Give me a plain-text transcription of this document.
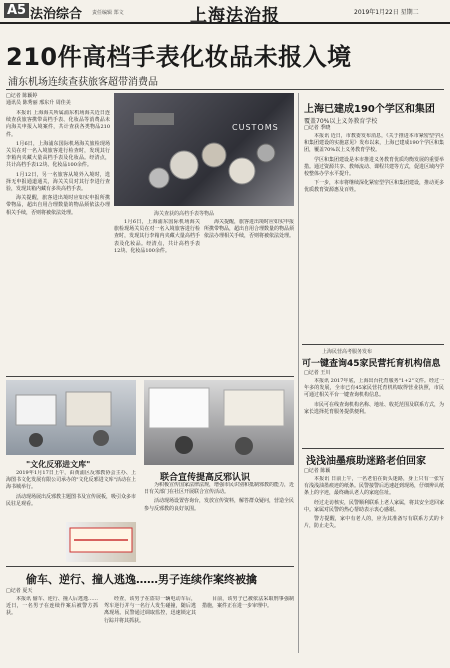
A5 法治综合 责任编辑 郑文	上海法治报	2019年1月22日 星期二
210件高档手表化妆品未报入境
浦东机场连续查获旅客超带消费品
□记者 陈颖婷
通讯员 陈秀丽 邢东升 周佳美

本报讯 上海海关所属浦东机场海关近日连续查获旅客携带高档手表、化妆品等消费品未向海关申报入境案件，共计查获各类物品210件。

1月6日，上海浦东国际机场海关旅检现场关员在对一名入境旅客进行检查时，发现其行李箱内夹藏大量高档手表及化妆品。经清点，共计高档手表12块、化妆品100余件。

1月12日，另一名旅客从境外入境时，选择无申报通道通关，海关关员对其行李进行查验，发现其箱内藏有多块高档手表。

海关提醒，旅客进出境时应如实申报所携带物品，超出自用合理数量的物品须依法办理相关手续，否则将被依法处理。

CUSTOMS
海关查获的高档手表等物品

1月6日，上海浦东国际机场海关旅检现场关员在对一名入境旅客进行检查时，发现其行李箱内夹藏大量高档手表及化妆品。经清点，共计高档手表12块、化妆品100余件。

海关提醒，旅客进出境时应如实申报所携带物品，超出自用合理数量的物品须依法办理相关手续，否则将被依法处理。

上海已建成190个学区和集团
覆盖70%以上义务教育学校
□记者 季晓

本报讯 近日，市教委发布消息，《关于推进本市紧密型学区和集团建设的实施意见》发布以来，上海已建成190个学区和集团，覆盖70%以上义务教育学校。

学区和集团建设是本市推进义务教育优质均衡发展的重要举措。通过资源共享、教师流动、课程共建等方式，促进区域内学校整体办学水平提升。

下一步，本市将继续深化紧密型学区和集团建设，推动更多优质教育资源惠及百姓。

上海民营高考服务发布
可一键查询45家民营托育机构信息
□记者 王川

本报讯 2017年底，上海出台托育服务"1+2"文件。经过一年多的发展，全市已有45家民营托育机构取得营业执照，市民可通过相关平台一键查询机构信息。

市民可在线查询机构名称、地址、收托范围及联系方式，为家长选择托育服务提供便利。

浅浅油墨痕助迷路老伯回家
□记者 陈颖

本报讯 日前上午，一名老伯在街头迷路，身上只有一张写有浅浅油墨痕迹的纸条。民警接警后迅速赶到现场，仔细辨认纸条上的字迹，最终确认老人的家庭住址。

经过走访核实，民警顺利联系上老人家属，将其安全送回家中。家属对民警的热心帮助表示衷心感谢。

警方提醒，家中有老人的，应为其准备写有联系方式的卡片，防止走失。

"文化反邪进文库"

2019年1月17日上午，由黄浦区反邪教协会主办、上海图书文化发展有限公司承办的"文化反邪进文库"活动在上海书城举行。

活动现场展出反邪教主题图书及宣传展板，吸引众多市民驻足观看。

联合宣传提高反邪认识

为积极宣传国家法律法规，增强市民识别和抵制邪教的能力，近日有关部门在社区开展联合宣传活动。

活动现场设置咨询台，发放宣传资料，解答群众疑问，营造全民参与反邪教的良好氛围。

偷车、逆行、撞人逃逸……男子连续作案终被擒
□记者 夏天

本报讯 偷车、逆行、撞人后逃逸……近日，一名男子在连续作案后被警方抓获。

经查，该男子在盗窃一辆电动车后，驾车逆行并与一名行人发生碰撞，随后逃离现场。民警通过调取监控，迅速锁定其行踪并将其抓获。

目前，该男子已被依法采取刑事强制措施，案件正在进一步审理中。
